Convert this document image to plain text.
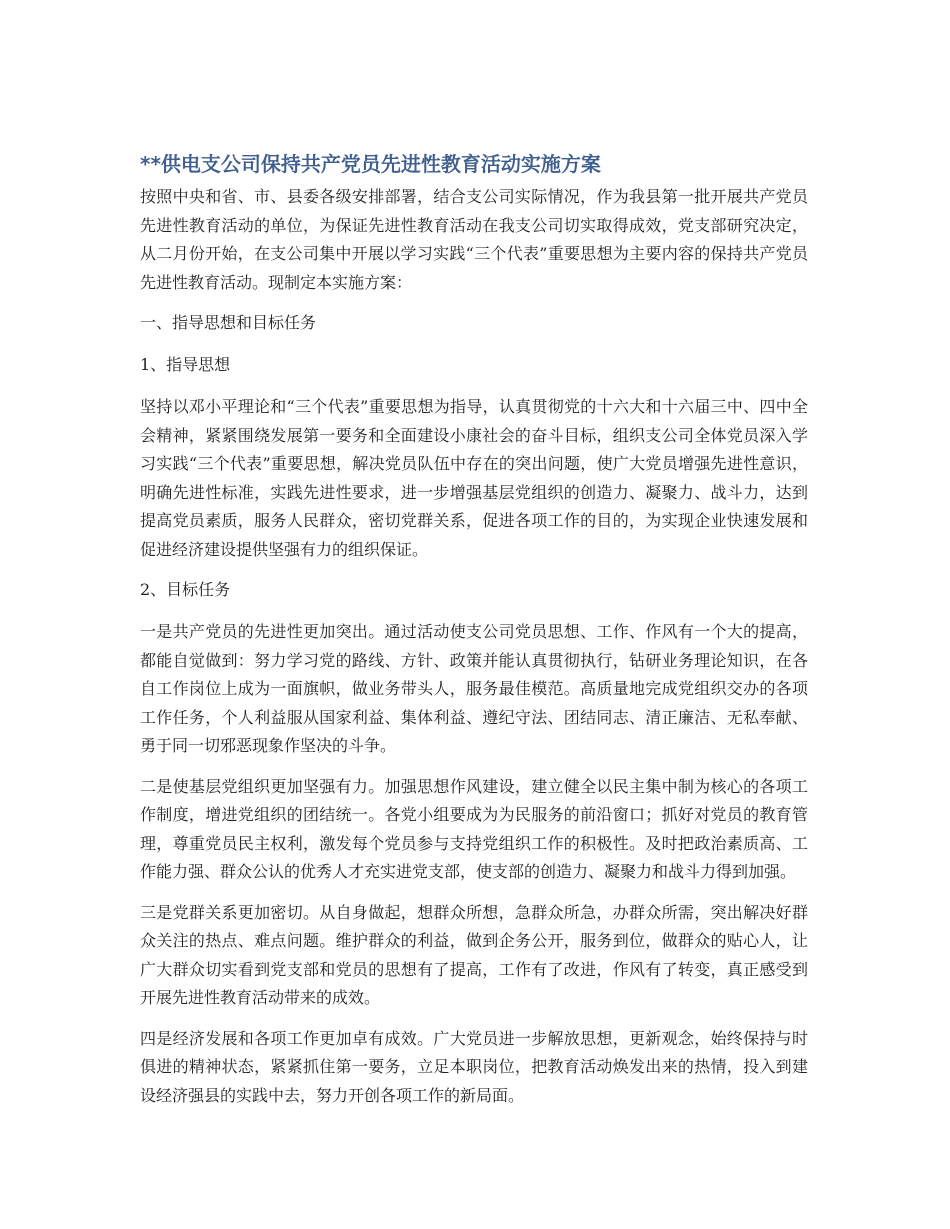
**供电支公司保持共产党员先进性教育活动实施方案

按照中央和省、市、县委各级安排部署，结合支公司实际情况，作为我县第一批开展共产党员先进性教育活动的单位，为保证先进性教育活动在我支公司切实取得成效，党支部研究决定，从二月份开始，在支公司集中开展以学习实践“三个代表”重要思想为主要内容的保持共产党员先进性教育活动。现制定本实施方案：

一、指导思想和目标任务
1、指导思想

坚持以邓小平理论和“三个代表”重要思想为指导，认真贯彻党的十六大和十六届三中、四中全会精神，紧紧围绕发展第一要务和全面建设小康社会的奋斗目标，组织支公司全体党员深入学习实践“三个代表”重要思想，解决党员队伍中存在的突出问题，使广大党员增强先进性意识，明确先进性标准，实践先进性要求，进一步增强基层党组织的创造力、凝聚力、战斗力，达到提高党员素质，服务人民群众，密切党群关系，促进各项工作的目的，为实现企业快速发展和促进经济建设提供坚强有力的组织保证。

2、目标任务

一是共产党员的先进性更加突出。通过活动使支公司党员思想、工作、作风有一个大的提高，都能自觉做到：努力学习党的路线、方针、政策并能认真贯彻执行，钻研业务理论知识，在各自工作岗位上成为一面旗帜，做业务带头人，服务最佳模范。高质量地完成党组织交办的各项工作任务，个人利益服从国家利益、集体利益、遵纪守法、团结同志、清正廉洁、无私奉献、勇于同一切邪恶现象作坚决的斗争。

二是使基层党组织更加坚强有力。加强思想作风建设，建立健全以民主集中制为核心的各项工作制度，增进党组织的团结统一。各党小组要成为为民服务的前沿窗口；抓好对党员的教育管理，尊重党员民主权利，激发每个党员参与支持党组织工作的积极性。及时把政治素质高、工作能力强、群众公认的优秀人才充实进党支部，使支部的创造力、凝聚力和战斗力得到加强。

三是党群关系更加密切。从自身做起，想群众所想，急群众所急，办群众所需，突出解决好群众关注的热点、难点问题。维护群众的利益，做到企务公开，服务到位，做群众的贴心人，让广大群众切实看到党支部和党员的思想有了提高，工作有了改进，作风有了转变，真正感受到开展先进性教育活动带来的成效。

四是经济发展和各项工作更加卓有成效。广大党员进一步解放思想，更新观念，始终保持与时俱进的精神状态，紧紧抓住第一要务，立足本职岗位，把教育活动焕发出来的热情，投入到建设经济强县的实践中去，努力开创各项工作的新局面。
